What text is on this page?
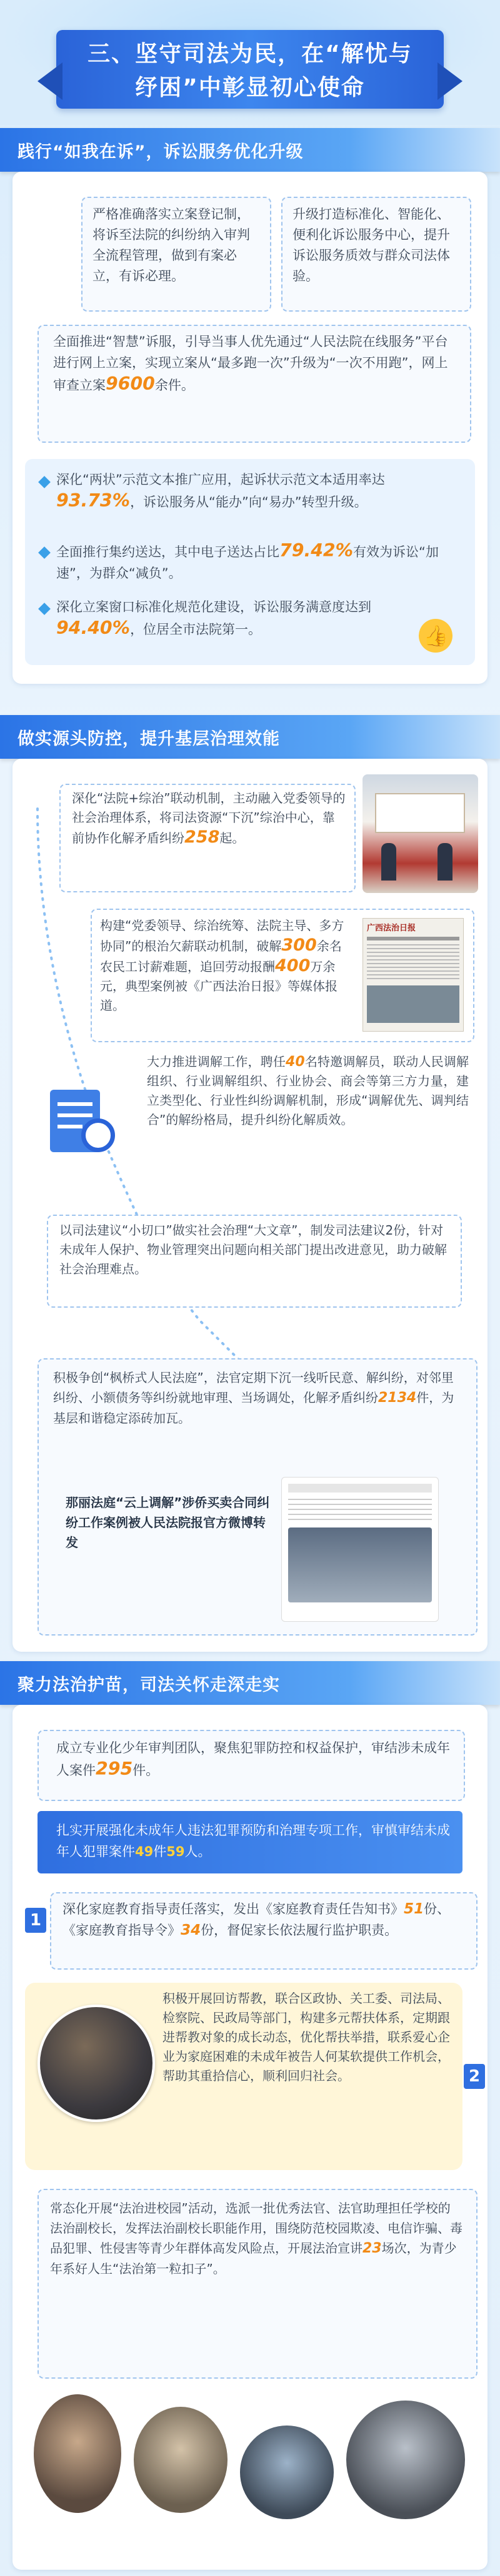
三、坚守司法为民，在“解忧与
纾困”中彰显初心使命
践行“如我在诉”，诉讼服务优化升级
严格准确落实立案登记制，将诉至法院的纠纷纳入审判全流程管理，做到有案必立，有诉必理。
升级打造标准化、智能化、便利化诉讼服务中心，提升诉讼服务质效与群众司法体验。
全面推进“智慧”诉服，引导当事人优先通过“人民法院在线服务”平台进行网上立案，实现立案从“最多跑一次”升级为“一次不用跑”，网上审查立案9600余件。
深化“两状”示范文本推广应用，起诉状示范文本适用率达93.73%，诉讼服务从“能办”向“易办”转型升级。
全面推行集约送达，其中电子送达占比79.42%有效为诉讼“加速”，为群众“减负”。
深化立案窗口标准化规范化建设，诉讼服务满意度达到94.40%，位居全市法院第一。	👍
做实源头防控，提升基层治理效能
深化“法院+综治”联动机制，主动融入党委领导的社会治理体系，将司法资源“下沉”综治中心，靠前协作化解矛盾纠纷258起。
构建“党委领导、综治统筹、法院主导、多方协同”的根治欠薪联动机制，破解300余名农民工讨薪难题，追回劳动报酬400万余元，典型案例被《广西法治日报》等媒体报道。
广西法治日报
大力推进调解工作，聘任40名特邀调解员，联动人民调解组织、行业调解组织、行业协会、商会等第三方力量，建立类型化、行业性纠纷调解机制，形成“调解优先、调判结合”的解纷格局，提升纠纷化解质效。
以司法建议“小切口”做实社会治理“大文章”，制发司法建议2份，针对未成年人保护、物业管理突出问题向相关部门提出改进意见，助力破解社会治理难点。
积极争创“枫桥式人民法庭”，法官定期下沉一线听民意、解纠纷，对邻里纠纷、小额债务等纠纷就地审理、当场调处，化解矛盾纠纷2134件，为基层和谐稳定添砖加瓦。
那丽法庭“云上调解”涉侨买卖合同纠纷工作案例被人民法院报官方微博转发
聚力法治护苗，司法关怀走深走实
成立专业化少年审判团队，聚焦犯罪防控和权益保护，审结涉未成年人案件295件。
扎实开展强化未成年人违法犯罪预防和治理专项工作，审慎审结未成年人犯罪案件49件59人。
1
深化家庭教育指导责任落实，发出《家庭教育责任告知书》51份、《家庭教育指导令》34份，督促家长依法履行监护职责。
2
积极开展回访帮教，联合区政协、关工委、司法局、检察院、民政局等部门，构建多元帮扶体系，定期跟进帮教对象的成长动态，优化帮扶举措，联系爱心企业为家庭困难的未成年被告人何某软提供工作机会，帮助其重拾信心，顺利回归社会。
常态化开展“法治进校园”活动，选派一批优秀法官、法官助理担任学校的法治副校长，发挥法治副校长职能作用，围绕防范校园欺凌、电信诈骗、毒品犯罪、性侵害等青少年群体高发风险点，开展法治宣讲23场次，为青少年系好人生“法治第一粒扣子”。
